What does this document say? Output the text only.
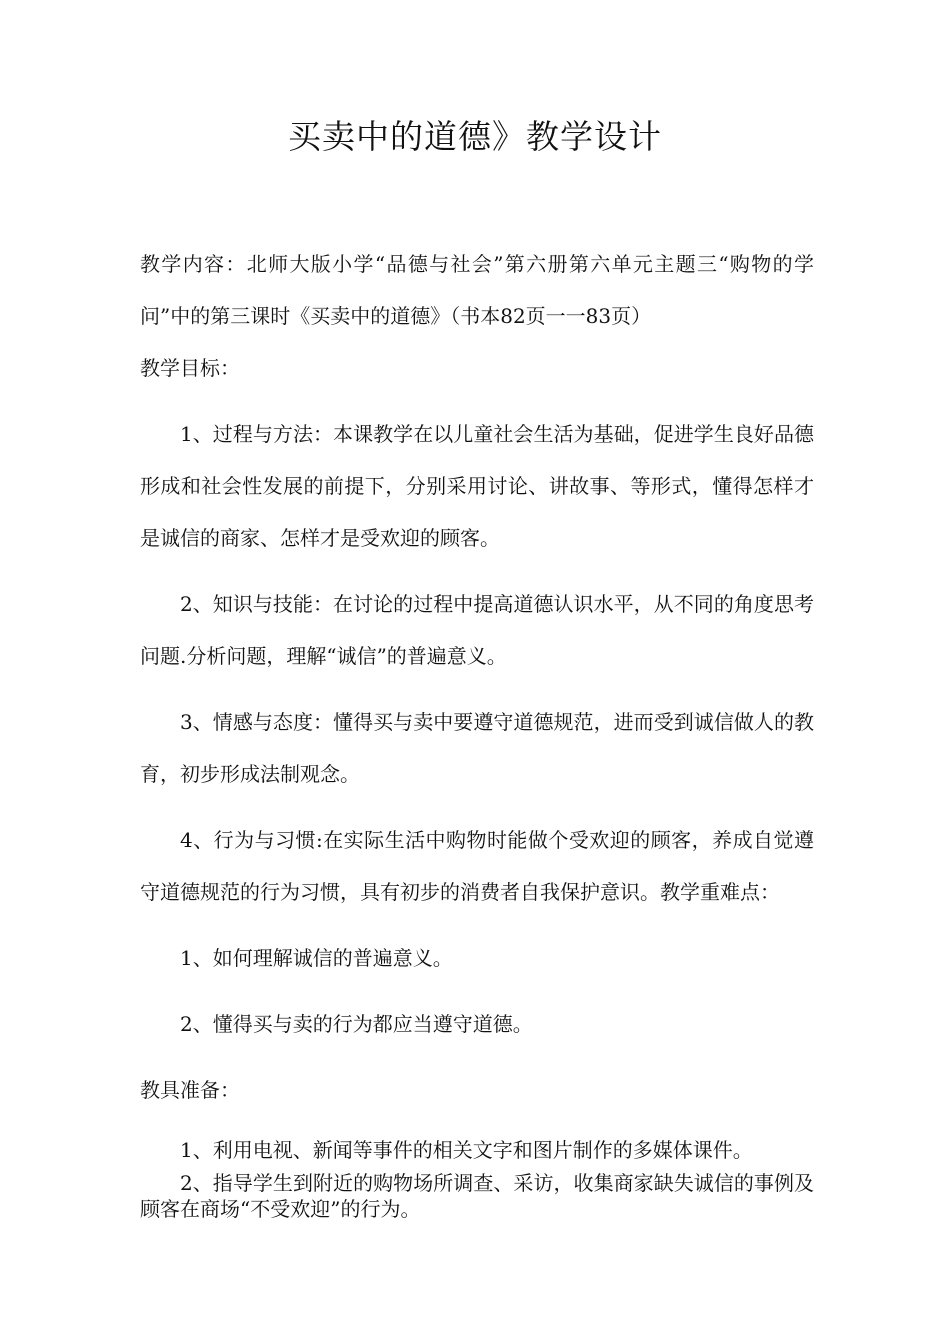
买卖中的道德》教学设计

教学内容：北师大版小学“品德与社会”第六册第六单元主题三“购物的学问”中的第三课时《买卖中的道德》（书本82页一一83页）

教学目标：

1、过程与方法：本课教学在以儿童社会生活为基础，促进学生良好品德形成和社会性发展的前提下，分别采用讨论、讲故事、等形式，懂得怎样才是诚信的商家、怎样才是受欢迎的顾客。

2、知识与技能：在讨论的过程中提高道德认识水平，从不同的角度思考问题.分析问题，理解“诚信”的普遍意义。

3、情感与态度：懂得买与卖中要遵守道德规范，进而受到诚信做人的教育，初步形成法制观念。

4、行为与习惯:在实际生活中购物时能做个受欢迎的顾客，养成自觉遵守道德规范的行为习惯，具有初步的消费者自我保护意识。教学重难点：

1、如何理解诚信的普遍意义。

2、懂得买与卖的行为都应当遵守道德。

教具准备：

1、利用电视、新闻等事件的相关文字和图片制作的多媒体课件。

2、指导学生到附近的购物场所调查、采访，收集商家缺失诚信的事例及顾客在商场“不受欢迎”的行为。
